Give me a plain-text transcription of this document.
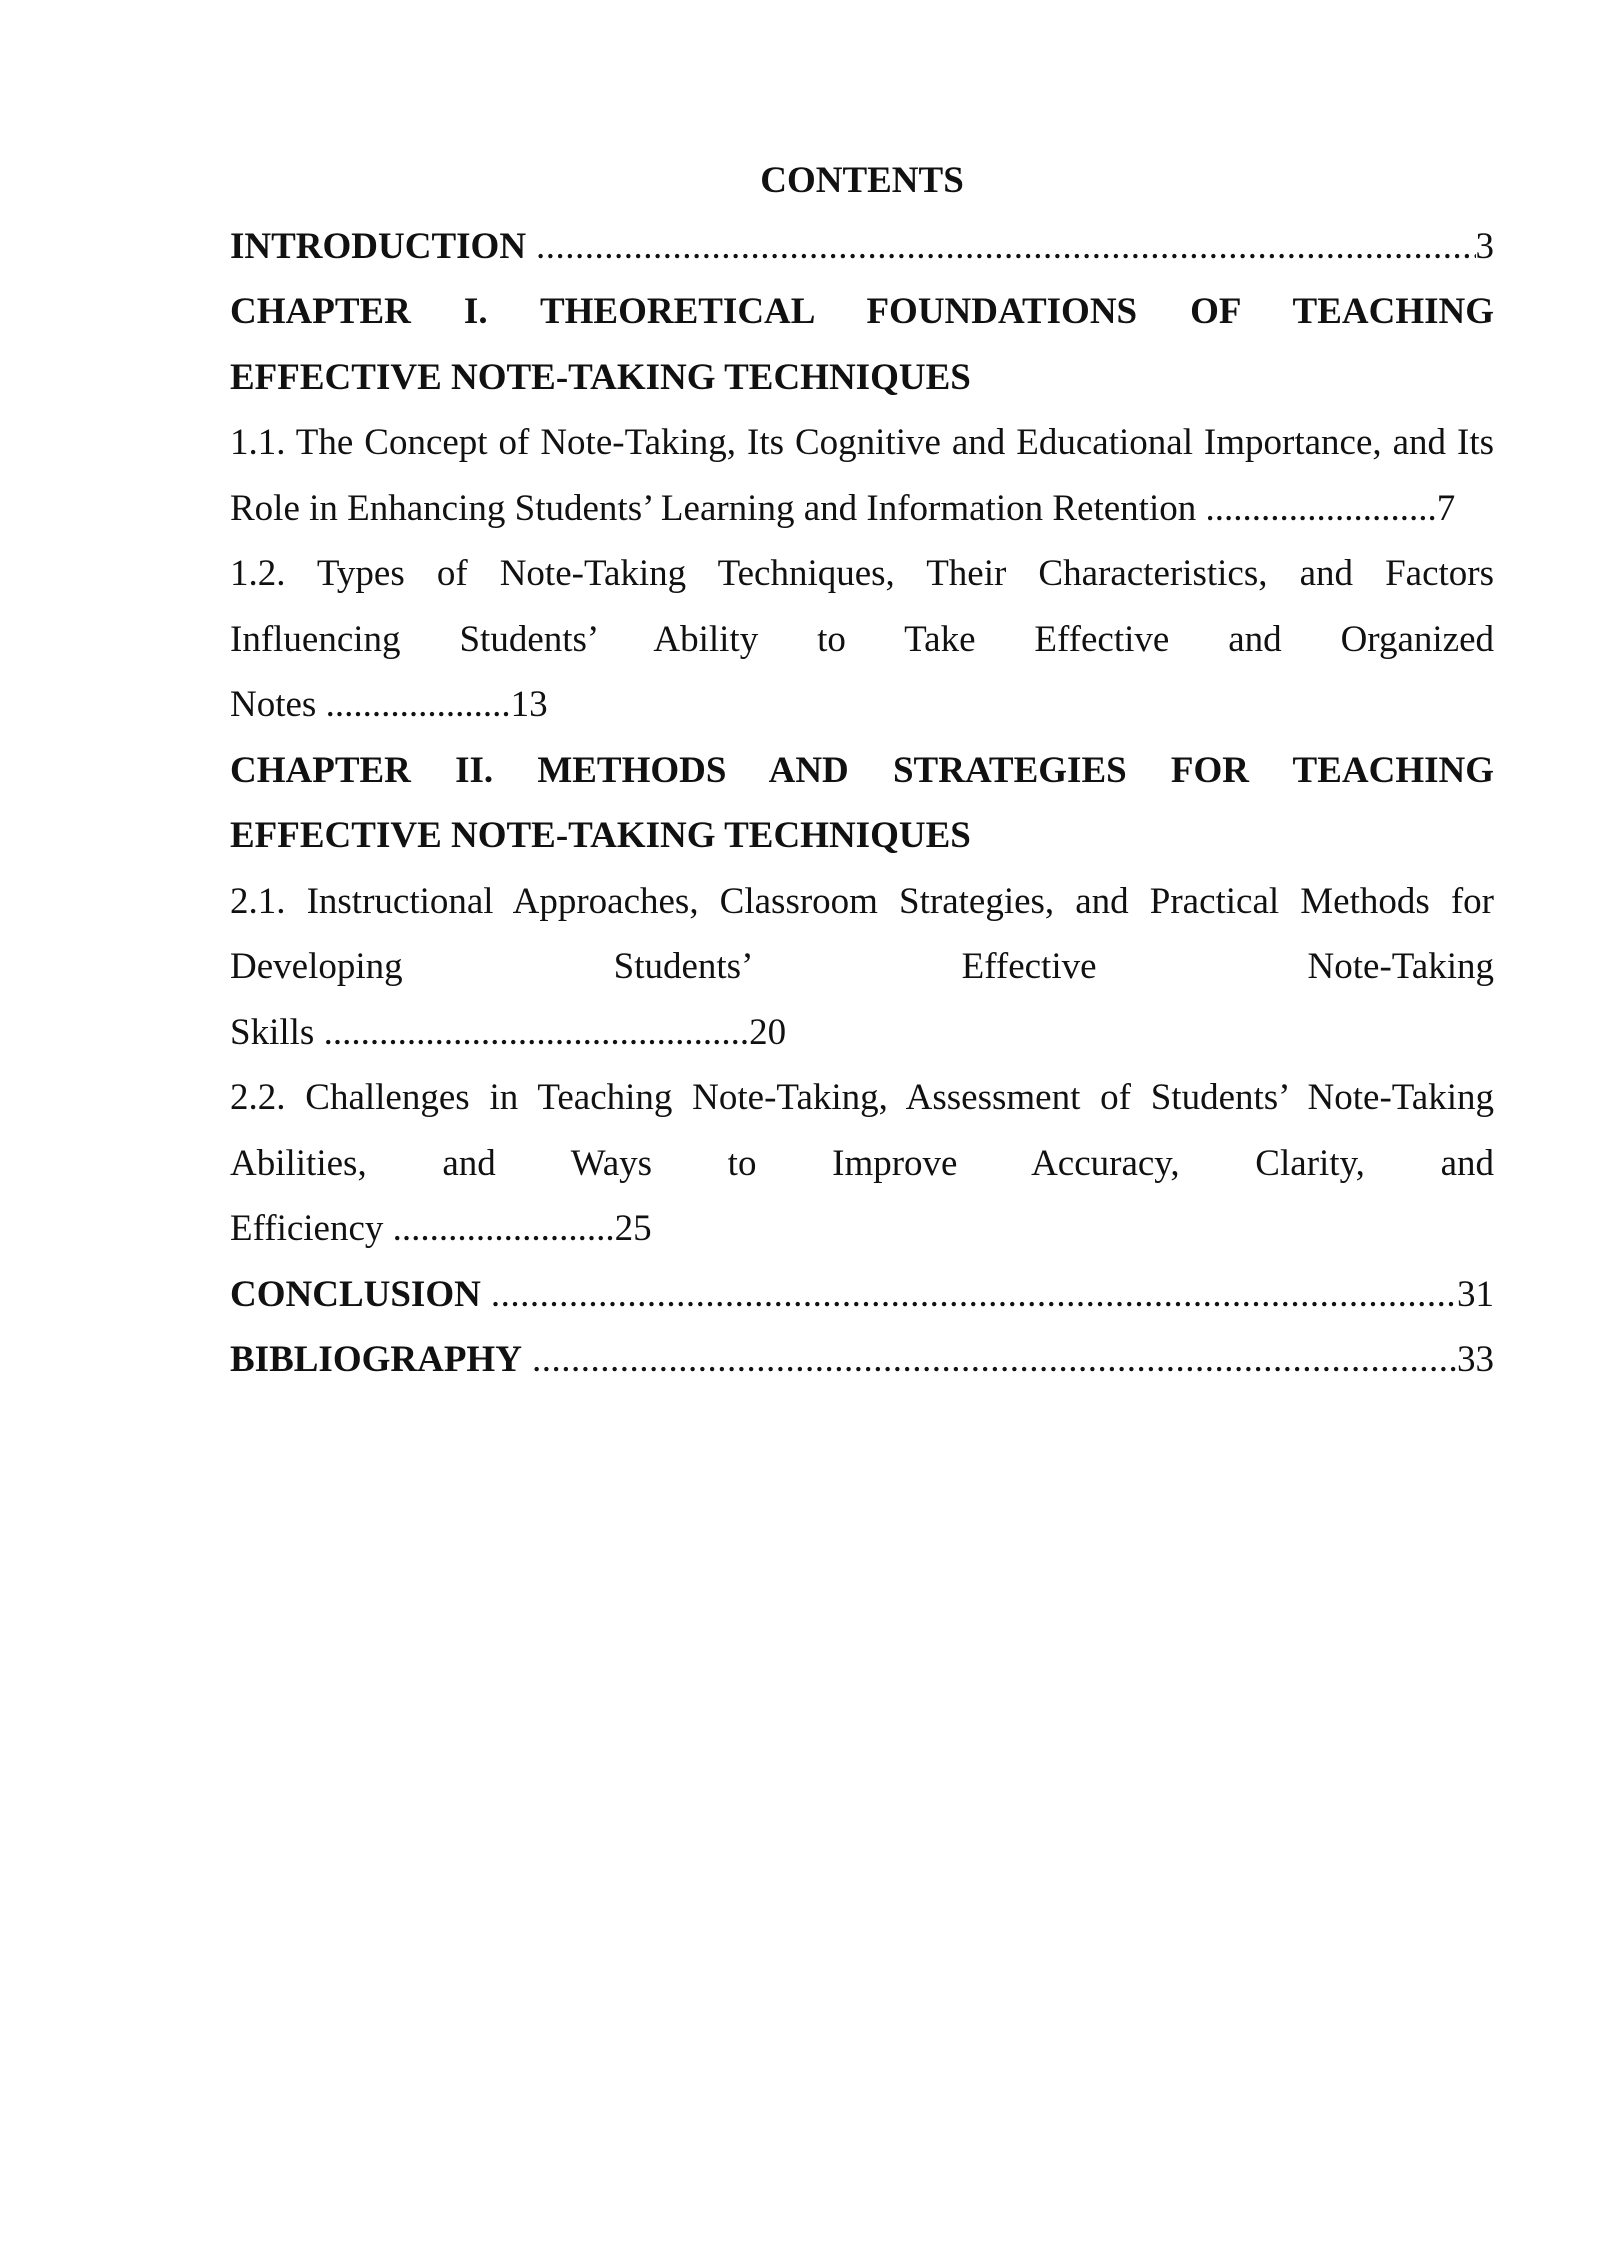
CONTENTS

INTRODUCTION .....	3
CHAPTER I. THEORETICAL FOUNDATIONS OF TEACHING
EFFECTIVE NOTE-TAKING TECHNIQUES
1.1. The Concept of Note-Taking, Its Cognitive and Educational Importance, and Its
Role in Enhancing Students’ Learning and Information Retention .........................7
1.2. Types of Note-Taking Techniques, Their Characteristics, and Factors
Influencing Students’ Ability to Take Effective and Organized
Notes ....................13
CHAPTER II. METHODS AND STRATEGIES FOR TEACHING
EFFECTIVE NOTE-TAKING TECHNIQUES
2.1. Instructional Approaches, Classroom Strategies, and Practical Methods for
Developing Students’ Effective Note-Taking
Skills ..............................................20
2.2. Challenges in Teaching Note-Taking, Assessment of Students’ Note-Taking
Abilities, and Ways to Improve Accuracy, Clarity, and
Efficiency ........................25
CONCLUSION .....	31
BIBLIOGRAPHY .....	33
